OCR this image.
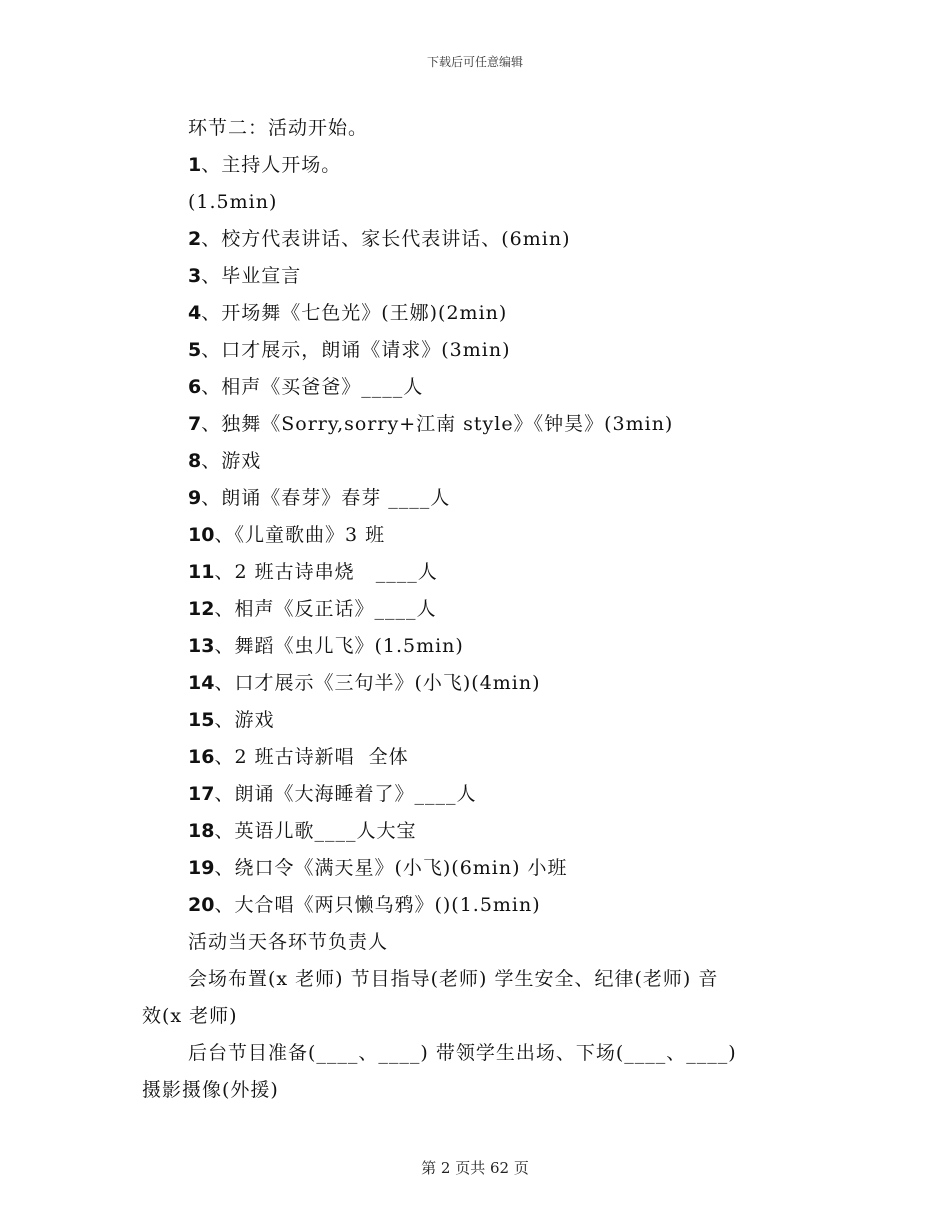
下载后可任意编辑
环节二：活动开始。
1、主持人开场。
(1.5min)
2、校方代表讲话、家长代表讲话、(6min)
3、毕业宣言
4、开场舞《七色光》(王娜)(2min)
5、口才展示，朗诵《请求》(3min)
6、相声《买爸爸》____人
7、独舞《Sorry,sorry+江南 style》《钟昊》(3min)
8、游戏
9、朗诵《春芽》春芽 ____人
10、《儿童歌曲》3 班
11、2 班古诗串烧   ____人
12、相声《反正话》____人
13、舞蹈《虫儿飞》(1.5min)
14、口才展示《三句半》(小飞)(4min)
15、游戏
16、2 班古诗新唱  全体
17、朗诵《大海睡着了》____人
18、英语儿歌____人大宝
19、绕口令《满天星》(小飞)(6min) 小班
20、大合唱《两只懒乌鸦》()(1.5min)
活动当天各环节负责人
会场布置(x 老师) 节目指导(老师) 学生安全、纪律(老师) 音
效(x 老师)
后台节目准备(____、____) 带领学生出场、下场(____、____)
摄影摄像(外援)
第 2 页共 62 页
